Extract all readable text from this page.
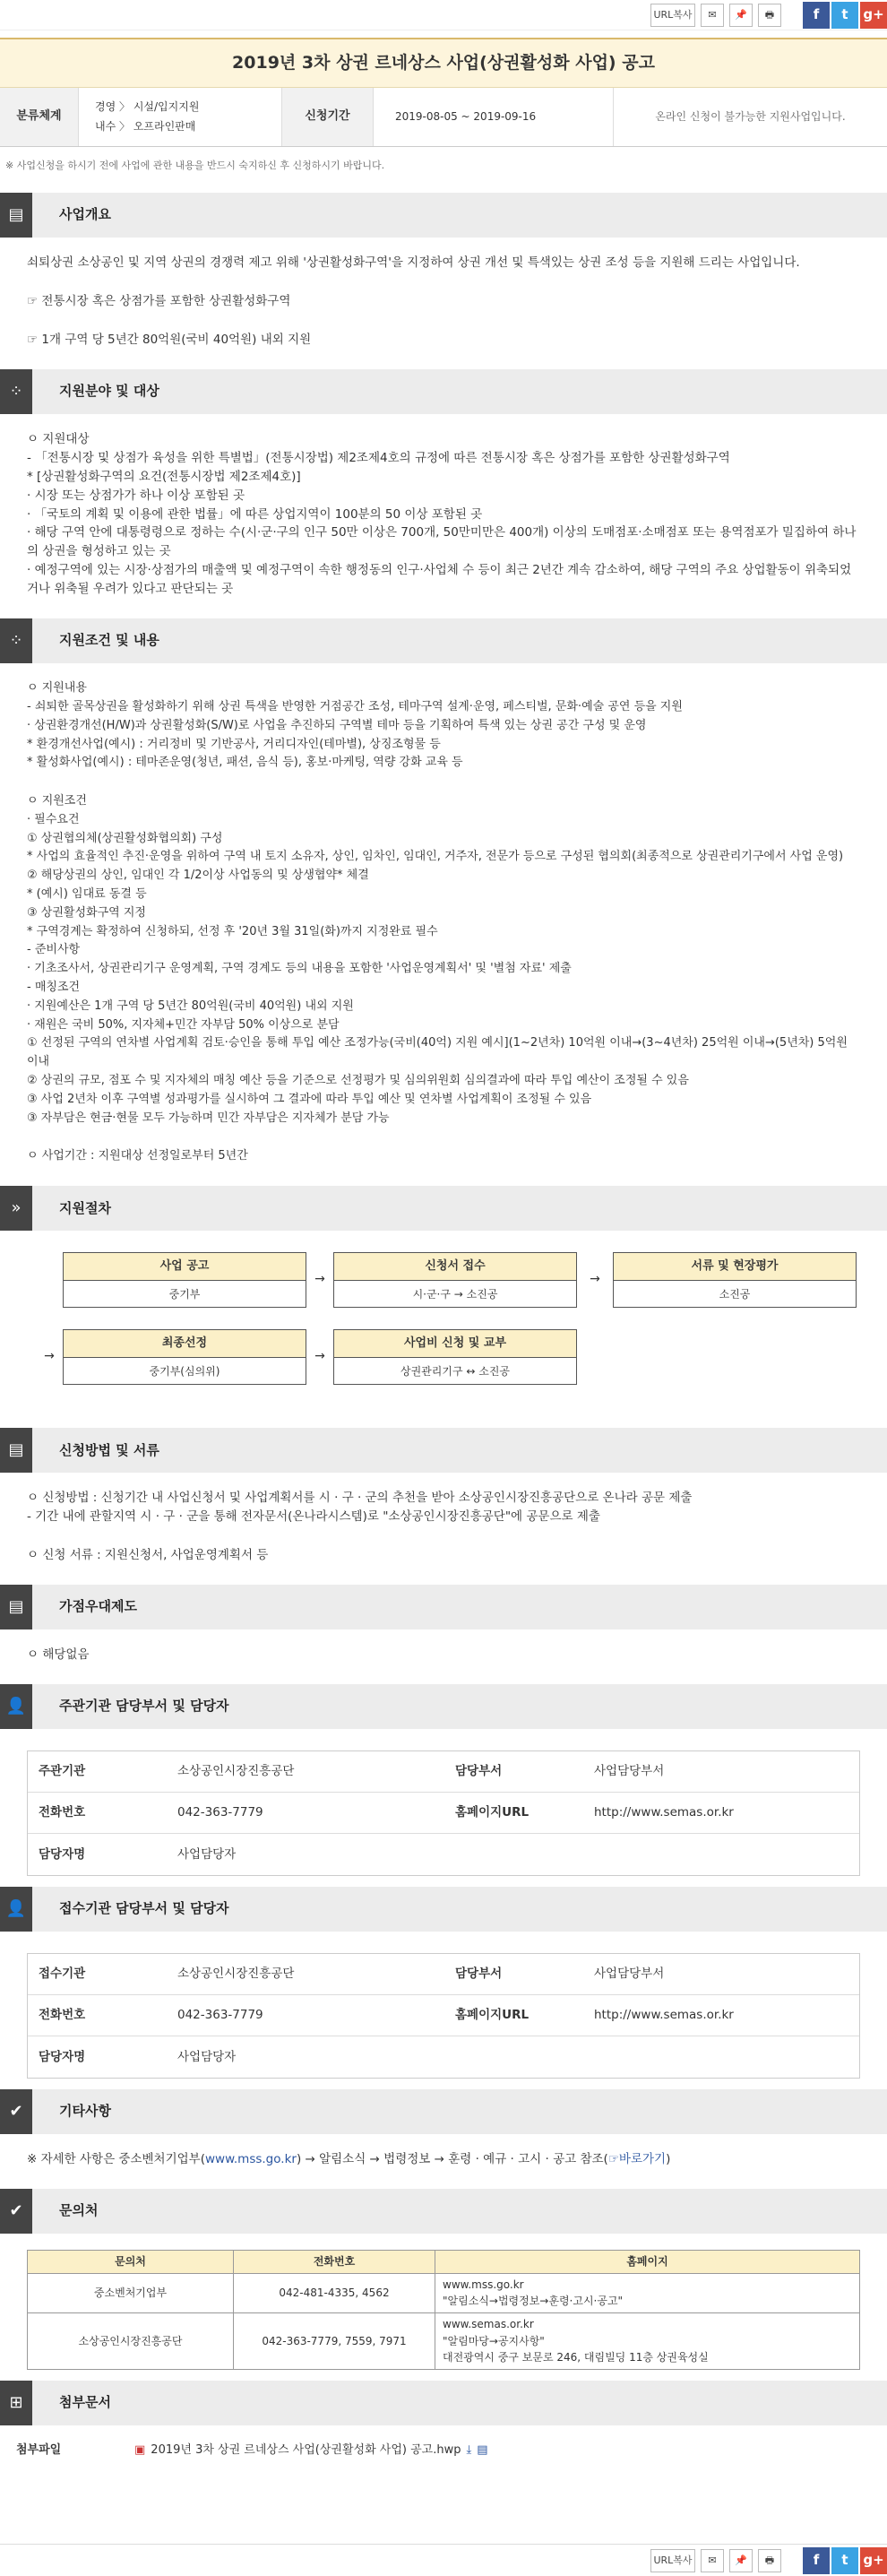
URL복사	✉	📌	🖶	f	t	g+
2019년 3차 상권 르네상스 사업(상권활성화 사업) 공고
분류체계
경영 〉 시설/입지지원
내수 〉 오프라인판매
신청기간	2019-08-05 ~ 2019-09-16	온라인 신청이 불가능한 지원사업입니다.
※ 사업신청을 하시기 전에 사업에 관한 내용을 반드시 숙지하신 후 신청하시기 바랍니다.
▤	사업개요

쇠퇴상권 소상공인 및 지역 상권의 경쟁력 제고 위해 '상권활성화구역'을 지정하여 상권 개선 및 특색있는 상권 조성 등을 지원해 드리는 사업입니다.

☞ 전통시장 혹은 상점가를 포함한 상권활성화구역

☞ 1개 구역 당 5년간 80억원(국비 40억원) 내외 지원

⁘	지원분야 및 대상

ㅇ 지원대상

- 「전통시장 및 상점가 육성을 위한 특별법」(전통시장법) 제2조제4호의 규정에 따른 전통시장 혹은 상점가를 포함한 상권활성화구역

* [상권활성화구역의 요건(전통시장법 제2조제4호)]

· 시장 또는 상점가가 하나 이상 포함된 곳

· 「국토의 계획 및 이용에 관한 법률」에 따른 상업지역이 100분의 50 이상 포함된 곳

· 해당 구역 안에 대통령령으로 정하는 수(시·군·구의 인구 50만 이상은 700개, 50만미만은 400개) 이상의 도매점포·소매점포 또는 용역점포가 밀집하여 하나의 상권을 형성하고 있는 곳

· 예정구역에 있는 시장·상점가의 매출액 및 예정구역이 속한 행정동의 인구·사업체 수 등이 최근 2년간 계속 감소하여, 해당 구역의 주요 상업활동이 위축되었거나 위축될 우려가 있다고 판단되는 곳

⁘	지원조건 및 내용

ㅇ 지원내용

- 쇠퇴한 골목상권을 활성화하기 위해 상권 특색을 반영한 거점공간 조성, 테마구역 설계·운영, 페스티벌, 문화·예술 공연 등을 지원

· 상권환경개선(H/W)과 상권활성화(S/W)로 사업을 추진하되 구역별 테마 등을 기획하여 특색 있는 상권 공간 구성 및 운영

* 환경개선사업(예시) : 거리정비 및 기반공사, 거리디자인(테마별), 상징조형물 등

* 활성화사업(예시) : 테마존운영(청년, 패션, 음식 등), 홍보·마케팅, 역량 강화 교육 등

ㅇ 지원조건

· 필수요건

① 상권협의체(상권활성화협의회) 구성

* 사업의 효율적인 추진·운영을 위하여 구역 내 토지 소유자, 상인, 임차인, 임대인, 거주자, 전문가 등으로 구성된 협의회(최종적으로 상권관리기구에서 사업 운영)

② 해당상권의 상인, 임대인 각 1/2이상 사업동의 및 상생협약* 체결

* (예시) 임대료 동결 등

③ 상권활성화구역 지정

* 구역경계는 확정하여 신청하되, 선정 후 '20년 3월 31일(화)까지 지정완료 필수

- 준비사항

· 기초조사서, 상권관리기구 운영계획, 구역 경계도 등의 내용을 포함한 '사업운영계획서' 및 '별첨 자료' 제출

- 매칭조건

· 지원예산은 1개 구역 당 5년간 80억원(국비 40억원) 내외 지원

· 재원은 국비 50%, 지자체+민간 자부담 50% 이상으로 분담

① 선정된 구역의 연차별 사업계획 검토·승인을 통해 투입 예산 조정가능(국비(40억) 지원 예시](1~2년차) 10억원 이내→(3~4년차) 25억원 이내→(5년차) 5억원 이내

② 상권의 규모, 점포 수 및 지자체의 매칭 예산 등을 기준으로 선정평가 및 심의위원회 심의결과에 따라 투입 예산이 조정될 수 있음

③ 사업 2년차 이후 구역별 성과평가를 실시하여 그 결과에 따라 투입 예산 및 연차별 사업계획이 조정될 수 있음

③ 자부담은 현금·현물 모두 가능하며 민간 자부담은 지자체가 분담 가능

ㅇ 사업기간 : 지원대상 선정일로부터 5년간

»	지원절차
사업 공고
중기부
→
신청서 접수
시·군·구 → 소진공
→
서류 및 현장평가
소진공
→
최종선정
중기부(심의위)
→
사업비 신청 및 교부
상권관리기구 ↔ 소진공
▤	신청방법 및 서류

ㅇ 신청방법 : 신청기간 내 사업신청서 및 사업계획서를 시 · 구 · 군의 추천을 받아 소상공인시장진흥공단으로 온나라 공문 제출

- 기간 내에 관할지역 시 · 구 · 군을 통해 전자문서(온나라시스템)로 "소상공인시장진흥공단"에 공문으로 제출

ㅇ 신청 서류 : 지원신청서, 사업운영계획서 등

▤	가점우대제도

ㅇ 해당없음

👤	주관기관 담당부서 및 담당자
주관기관	소상공인시장진흥공단	담당부서	사업담당부서
전화번호	042-363-7779	홈페이지URL	http://www.semas.or.kr
담당자명	사업담당자		
👤	접수기관 담당부서 및 담당자
접수기관	소상공인시장진흥공단	담당부서	사업담당부서
전화번호	042-363-7779	홈페이지URL	http://www.semas.or.kr
담당자명	사업담당자		
✔	기타사항

※ 자세한 사항은 중소벤처기업부(www.mss.go.kr) → 알림소식 → 법령정보 → 훈령 · 예규 · 고시 · 공고 참조(☞바로가기)

✔	문의처
문의처	전화번호	홈페이지
중소벤처기업부	042-481-4335, 4562	www.mss.go.kr
"알림소식→법령정보→훈령·고시·공고"

소상공인시장진흥공단	042-363-7779, 7559, 7971	www.semas.or.kr
"알림마당→공지사항"
대전광역시 중구 보문로 246, 대림빌딩 11층 상권육성실
⊞	첨부문서
첨부파일	▣ 2019년 3차 상권 르네상스 사업(상권활성화 사업) 공고.hwp ⤓ ▤
URL복사	✉	📌	🖶	f	t	g+
